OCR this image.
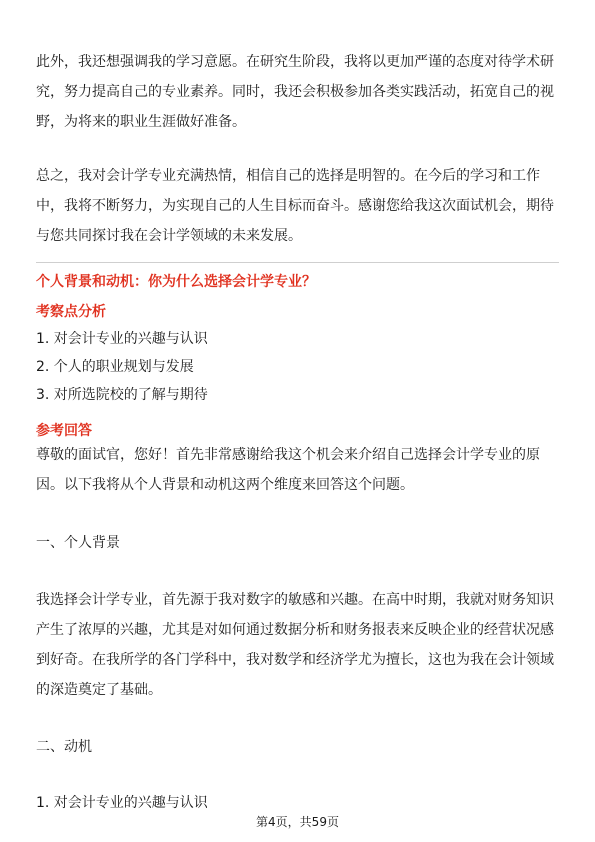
此外，我还想强调我的学习意愿。在研究生阶段，我将以更加严谨的态度对待学术研究，努力提高自己的专业素养。同时，我还会积极参加各类实践活动，拓宽自己的视野，为将来的职业生涯做好准备。

总之，我对会计学专业充满热情，相信自己的选择是明智的。在今后的学习和工作中，我将不断努力，为实现自己的人生目标而奋斗。感谢您给我这次面试机会，期待与您共同探讨我在会计学领域的未来发展。

个人背景和动机：你为什么选择会计学专业？

考察点分析

1. 对会计专业的兴趣与认识

2. 个人的职业规划与发展

3. 对所选院校的了解与期待

参考回答

尊敬的面试官，您好！首先非常感谢给我这个机会来介绍自己选择会计学专业的原因。以下我将从个人背景和动机这两个维度来回答这个问题。

一、个人背景

我选择会计学专业，首先源于我对数字的敏感和兴趣。在高中时期，我就对财务知识产生了浓厚的兴趣，尤其是对如何通过数据分析和财务报表来反映企业的经营状况感到好奇。在我所学的各门学科中，我对数学和经济学尤为擅长，这也为我在会计领域的深造奠定了基础。

二、动机

1. 对会计专业的兴趣与认识

第4页，共59页
